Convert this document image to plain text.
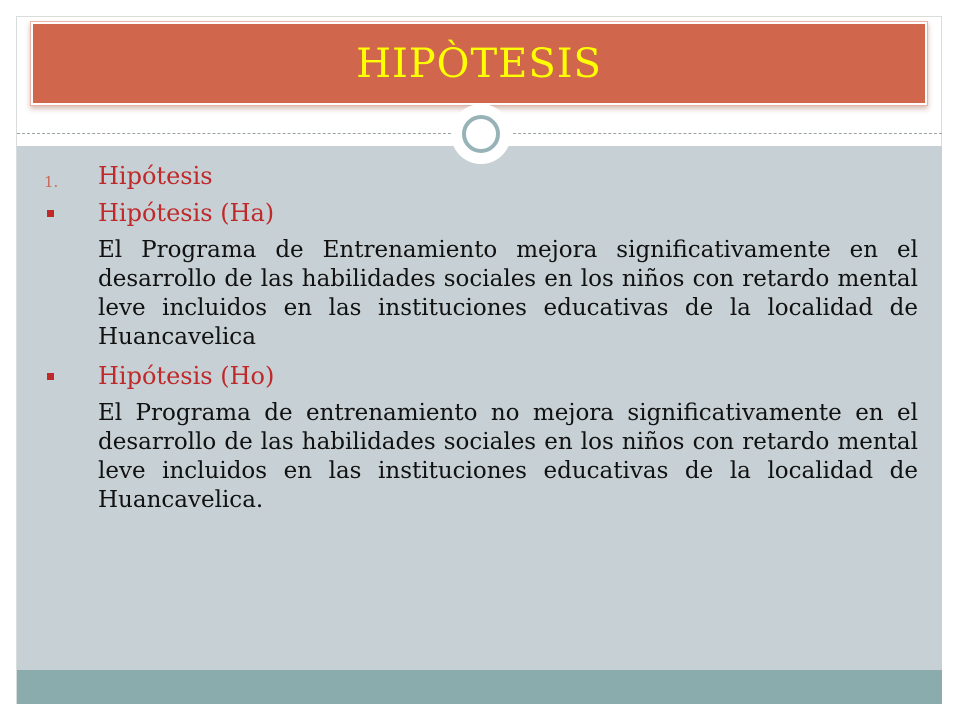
HIPÒTESIS
1. Hipótesis
Hipótesis (Ha)
El Programa de Entrenamiento mejora significativamente en el desarrollo de las habilidades sociales en los niños con retardo mental leve incluidos en las instituciones educativas de la localidad de Huancavelica
Hipótesis (Ho)
El Programa de entrenamiento no mejora significativamente en el desarrollo de las habilidades sociales en los niños con retardo mental leve incluidos en las instituciones educativas de la localidad de Huancavelica.
